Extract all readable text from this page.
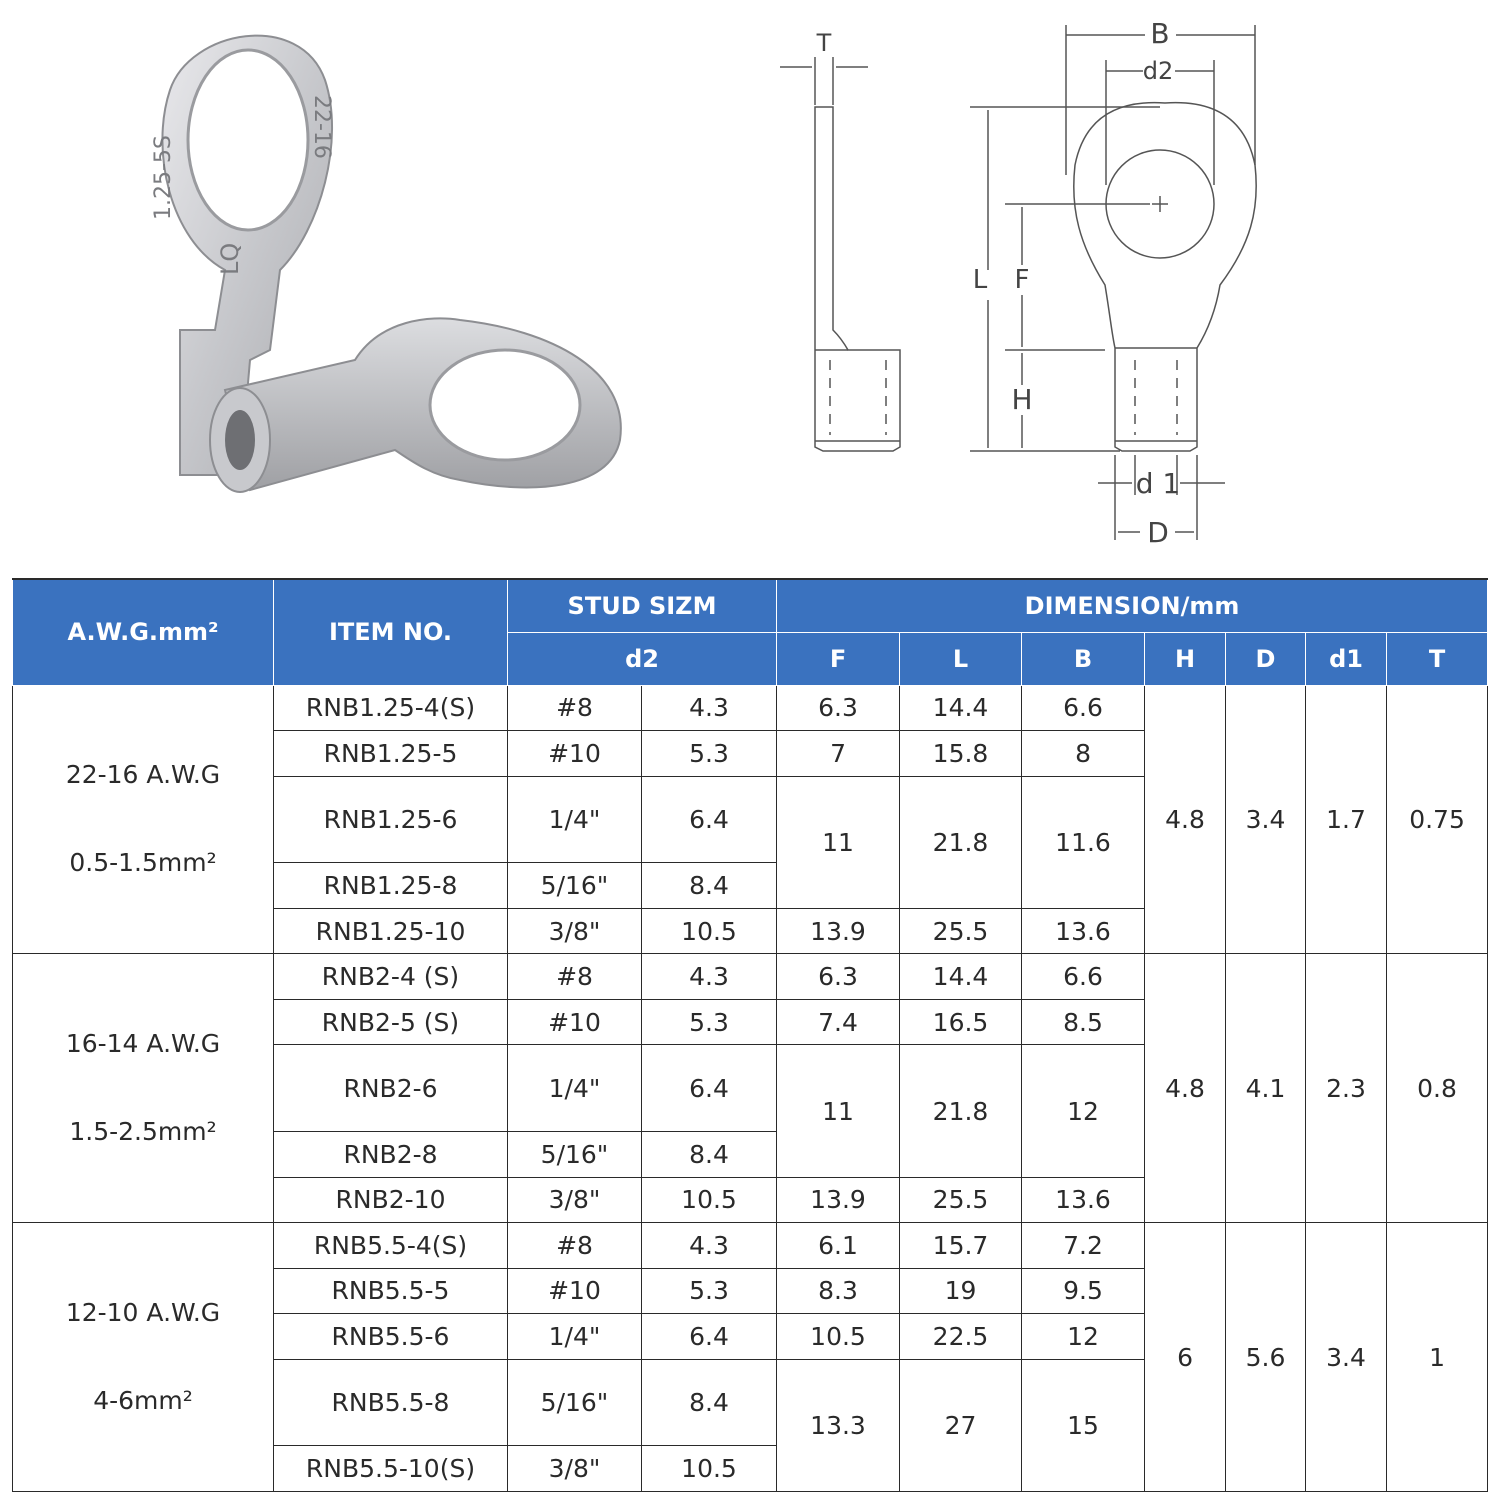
1.25-5S
22-16
LQ
T	B
d2
L F
H
d 1
D
A.W.G.mm²	ITEM NO.	STUD SIZM		DIMENSION/mm						
		d2		F	L	B	H	D	d1	T

22-16 A.W.G
0.5-1.5mm²	RNB1.25-4(S)	#8	4.3	6.3	14.4	6.6	4.8	3.4	1.7	0.75
	RNB1.25-5	#10	5.3	7	15.8	8				
	RNB1.25-6	1/4"	6.4	11	21.8	11.6				
	RNB1.25-8	5/16"	8.4							
	RNB1.25-10	3/8"	10.5	13.9	25.5	13.6				

16-14 A.W.G
1.5-2.5mm²	RNB2-4 (S)	#8	4.3	6.3	14.4	6.6	4.8	4.1	2.3	0.8
	RNB2-5 (S)	#10	5.3	7.4	16.5	8.5				
	RNB2-6	1/4"	6.4	11	21.8	12				
	RNB2-8	5/16"	8.4							
	RNB2-10	3/8"	10.5	13.9	25.5	13.6				

12-10 A.W.G
4-6mm²	RNB5.5-4(S)	#8	4.3	6.1	15.7	7.2	6	5.6	3.4	1
	RNB5.5-5	#10	5.3	8.3	19	9.5				
	RNB5.5-6	1/4"	6.4	10.5	22.5	12				
	RNB5.5-8	5/16"	8.4	13.3	27	15				
	RNB5.5-10(S)	3/8"	10.5							
